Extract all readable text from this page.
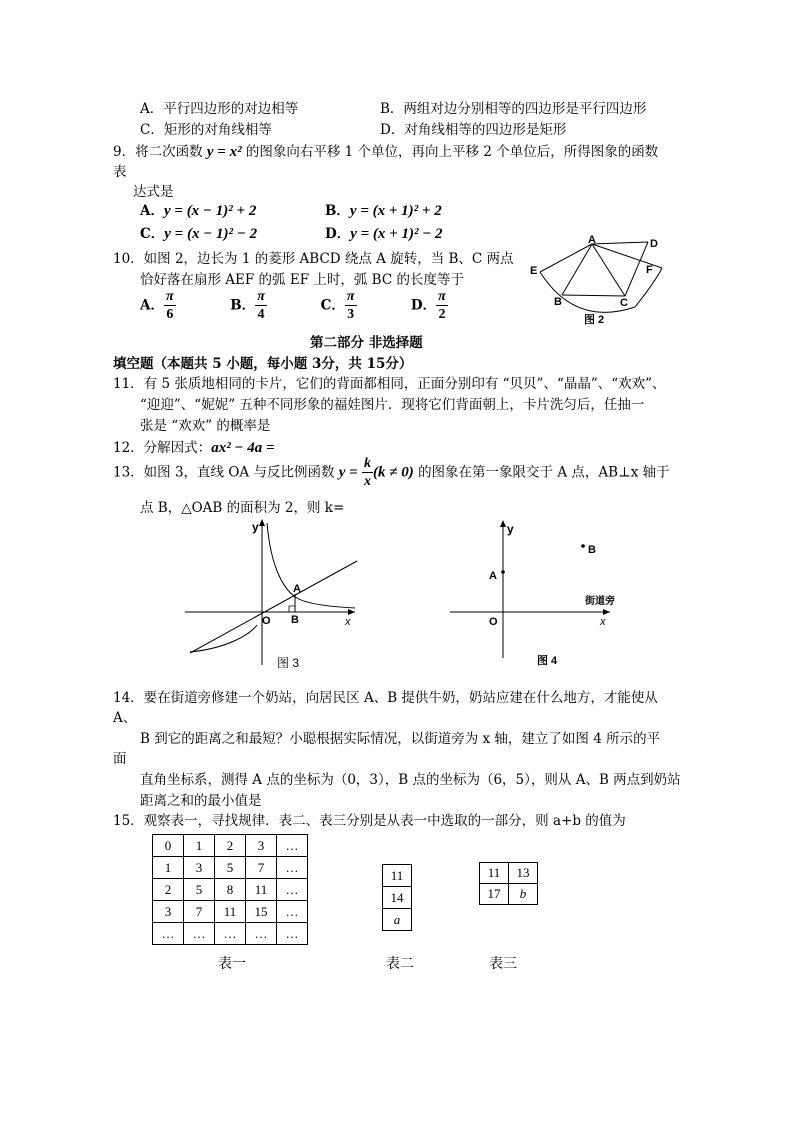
A．平行四边形的对边相等	B．两组对边分别相等的四边形是平行四边形
C．矩形的对角线相等	D．对角线相等的四边形是矩形
9．将二次函数 y = x² 的图象向右平移 1 个单位，再向上平移 2 个单位后，所得图象的函数
表
达式是
A．y = (x − 1)² + 2	B．y = (x + 1)² + 2
C．y = (x − 1)² − 2	D．y = (x + 1)² − 2
10．如图 2，边长为 1 的菱形 ABCD 绕点 A 旋转，当 B、C 两点
恰好落在扇形 AEF 的弧 EF 上时，弧 BC 的长度等于
A． $\frac{\pi}{6}$	B． $\frac{\pi}{4}$	C． $\frac{\pi}{3}$	D． $\frac{\pi}{2}$
A	D
E	F
B	C
图 2
第二部分 非选择题
填空题（本题共 5 小题，每小题 3分，共 15分）
11．有 5 张质地相同的卡片，它们的背面都相同，正面分别印有 “贝贝”、“晶晶”、“欢欢”、
“迎迎”、“妮妮” 五种不同形象的福娃图片．现将它们背面朝上，卡片洗匀后，任抽一
张是 “欢欢” 的概率是
12．分解因式：ax² − 4a =
13．如图 3，直线 OA 与反比例函数 $y = \frac{k}{x} (k \ne 0)$ 的图象在第一象限交于 A 点，AB⊥x 轴于
点 B，△OAB 的面积为 2，则 k=
y
x
O
A
B
图 3
y
x
O
A
B
街道旁
图 4
14．要在街道旁修建一个奶站，向居民区 A、B 提供牛奶，奶站应建在什么地方，才能使从
A、
B 到它的距离之和最短？小聪根据实际情况，以街道旁为 x 轴，建立了如图 4 所示的平
面
直角坐标系，测得 A 点的坐标为（0，3），B 点的坐标为（6，5），则从 A、B 两点到奶站
距离之和的最小值是
15．观察表一，寻找规律．表二、表三分别是从表一中选取的一部分，则 a+b 的值为
0	1	2	3	…
1	3	5	7	…
2	5	8	11	…
3	7	11	15	…
…	…	…	…	…
表一
11
14
a
表二
11	13
17	b
表三
